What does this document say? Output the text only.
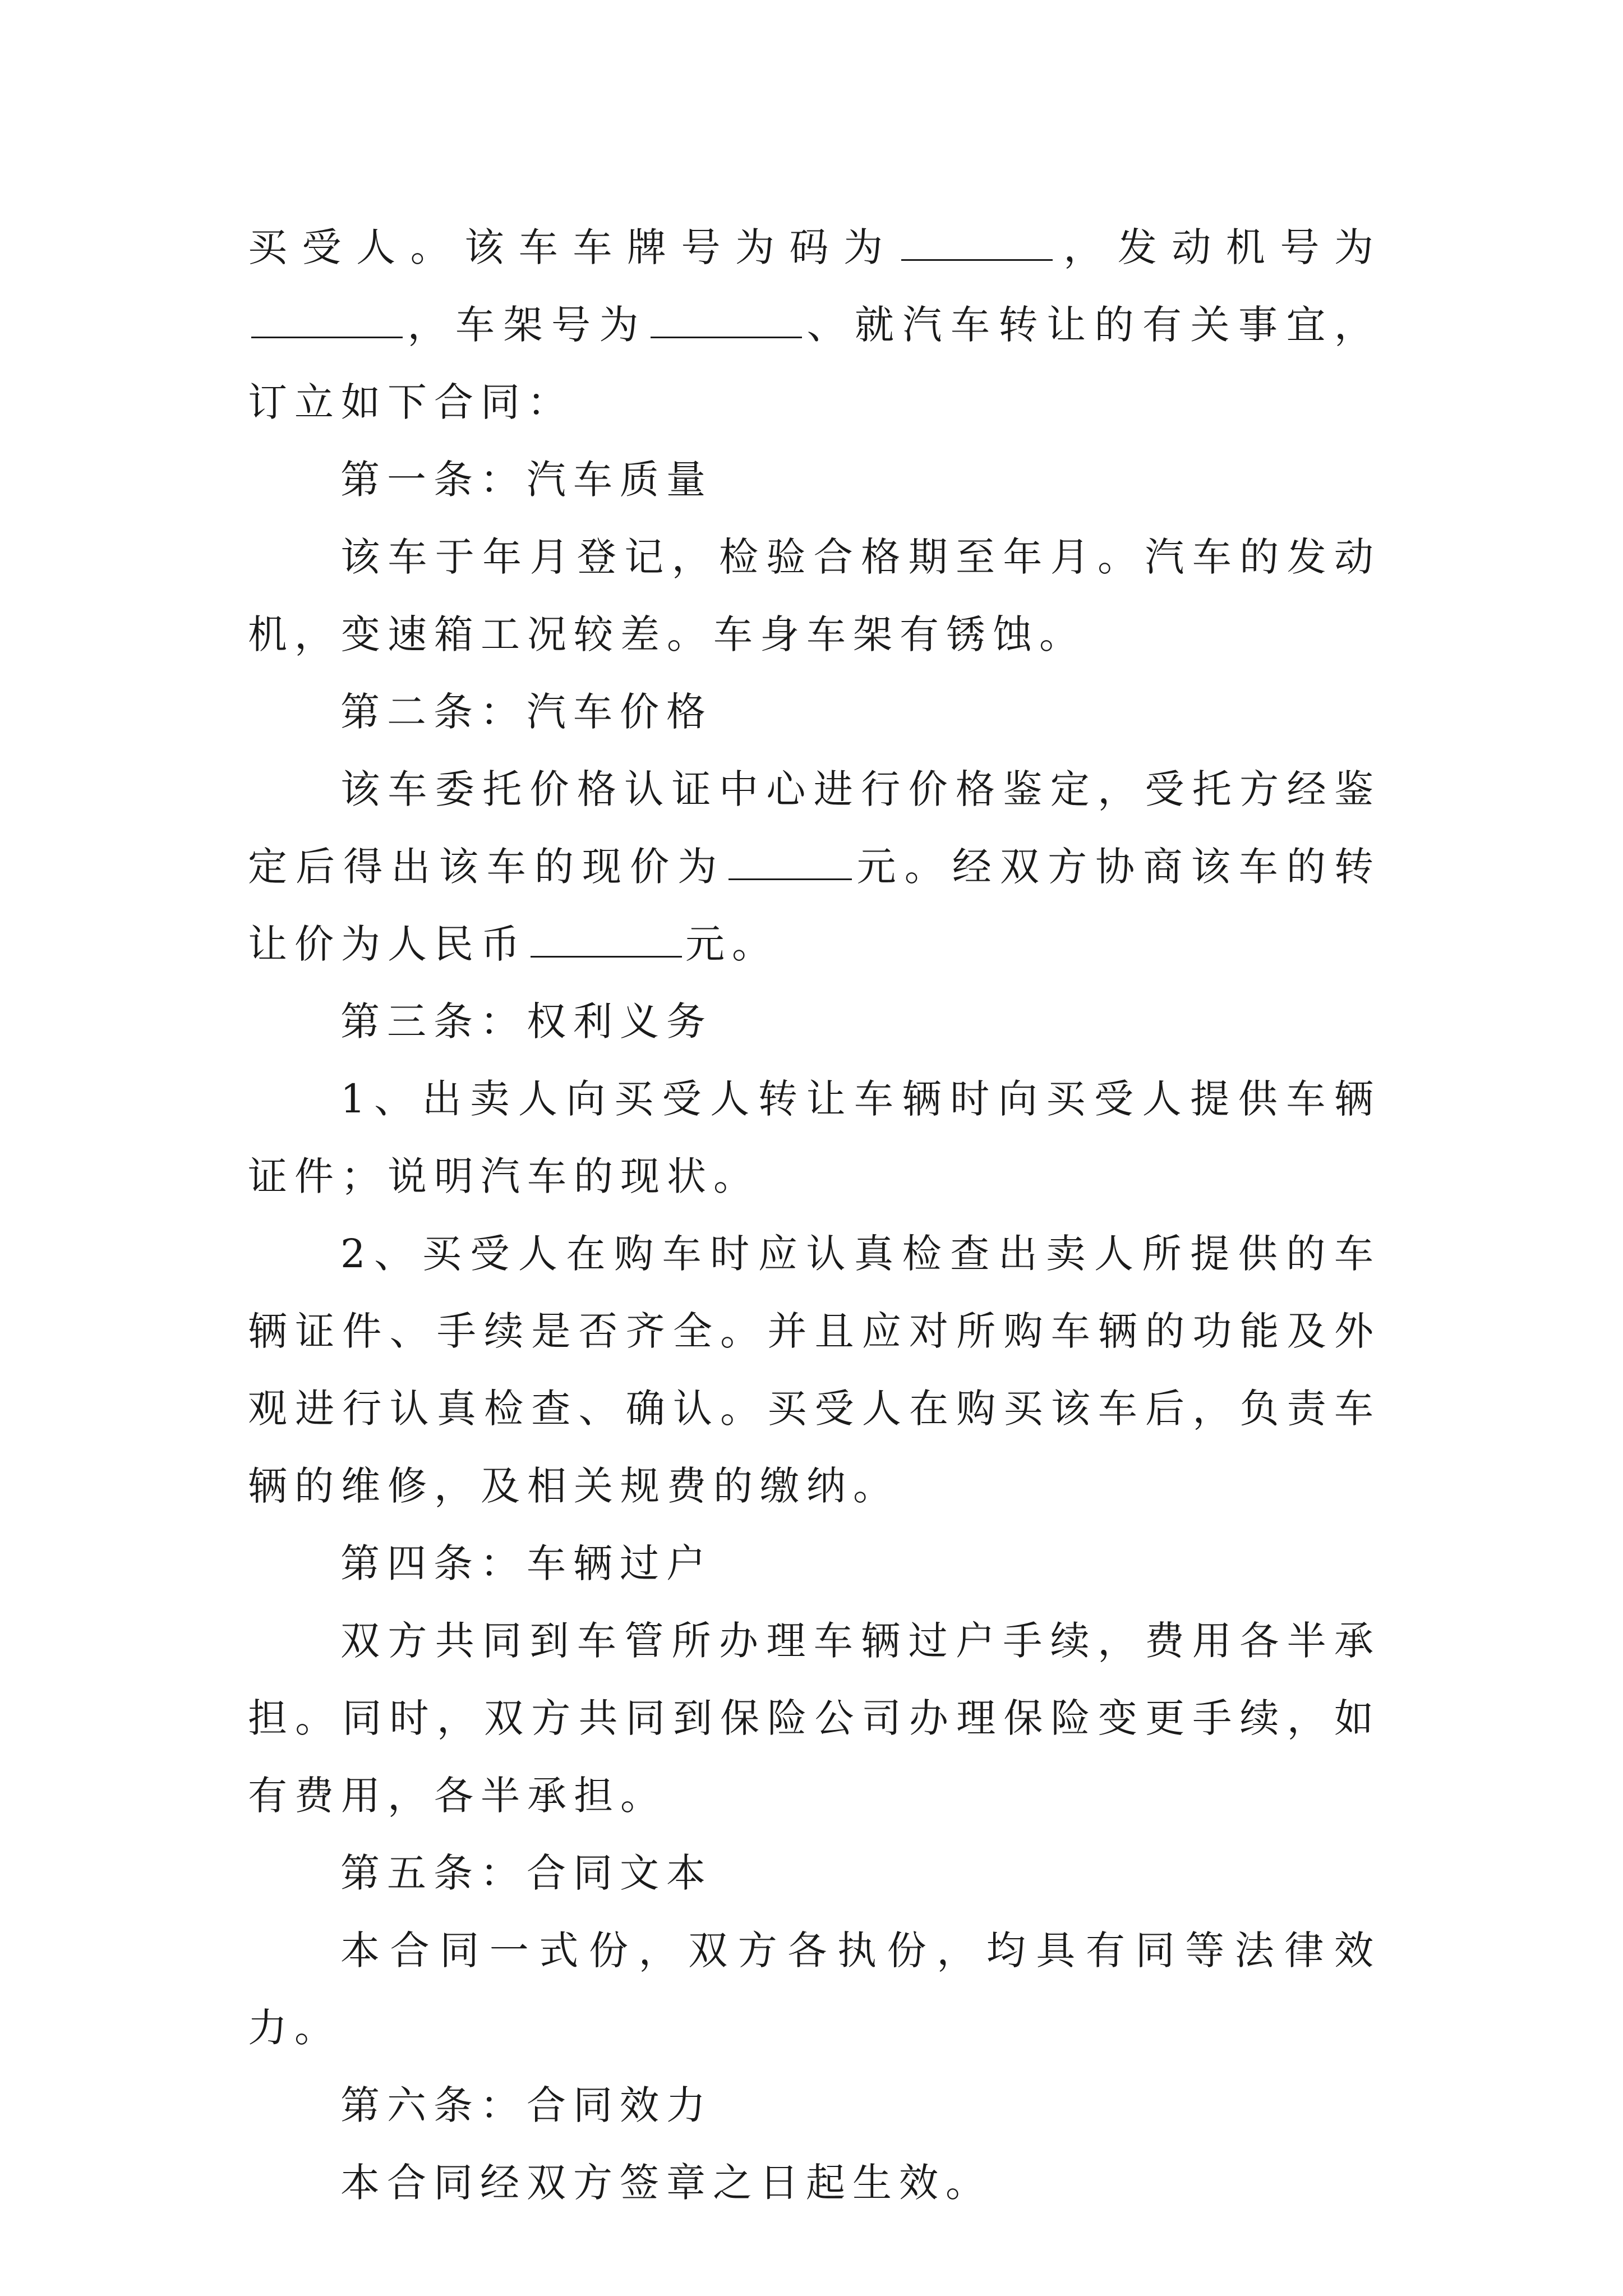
买受人。该车车牌号为码为	，发动机号为，车架号为	、就汽车转让的有关事宜，订立如下合同：

第一条：汽车质量

该车于年月登记，检验合格期至年月。汽车的发动机，变速箱工况较差。车身车架有锈蚀。

第二条：汽车价格

该车委托价格认证中心进行价格鉴定，受托方经鉴定后得出该车的现价为	元。经双方协商该车的转让价为人民币	元。

第三条：权利义务

1、出卖人向买受人转让车辆时向买受人提供车辆证件；说明汽车的现状。

2、买受人在购车时应认真检查出卖人所提供的车辆证件、手续是否齐全。并且应对所购车辆的功能及外观进行认真检查、确认。买受人在购买该车后，负责车辆的维修，及相关规费的缴纳。

第四条：车辆过户

双方共同到车管所办理车辆过户手续，费用各半承担。同时，双方共同到保险公司办理保险变更手续，如有费用，各半承担。

第五条：合同文本

本合同一式份，双方各执份，均具有同等法律效力。

第六条：合同效力

本合同经双方签章之日起生效。
